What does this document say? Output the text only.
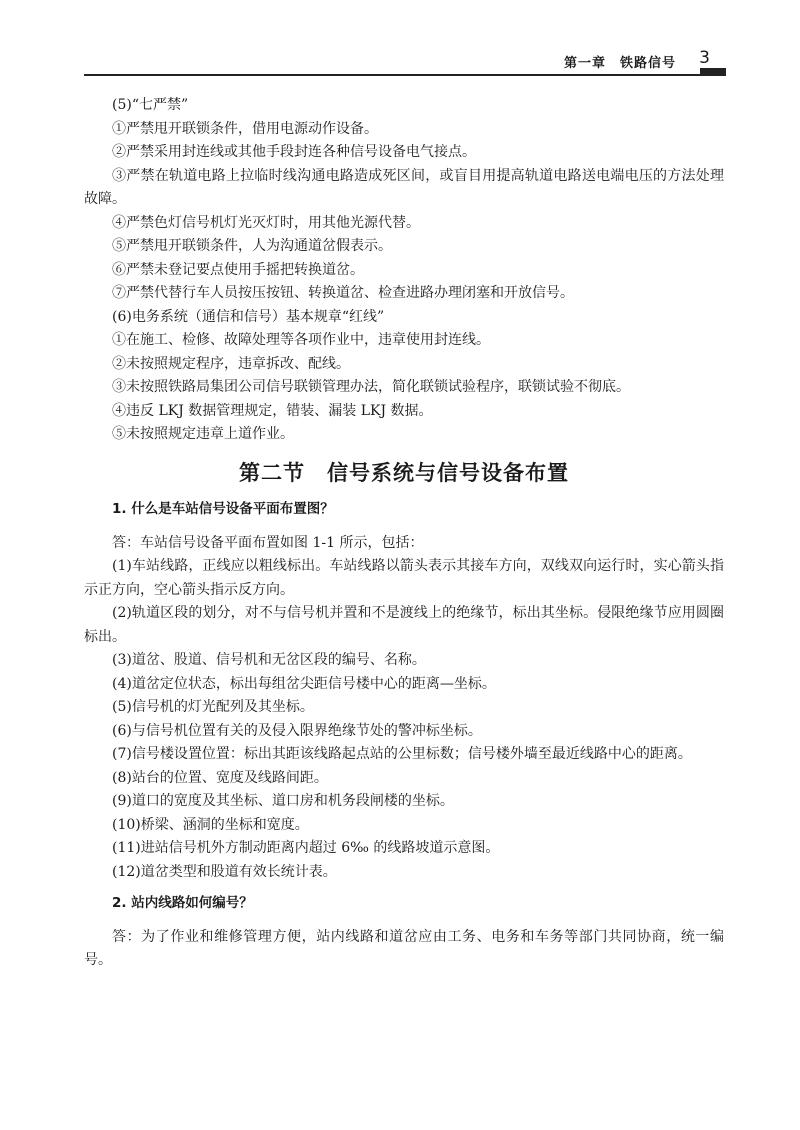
第一章　铁路信号 3

(5)“七严禁”

①严禁甩开联锁条件，借用电源动作设备。

②严禁采用封连线或其他手段封连各种信号设备电气接点。

③严禁在轨道电路上拉临时线沟通电路造成死区间，或盲目用提高轨道电路送电端电压的方法处理故障。

④严禁色灯信号机灯光灭灯时，用其他光源代替。

⑤严禁甩开联锁条件，人为沟通道岔假表示。

⑥严禁未登记要点使用手摇把转换道岔。

⑦严禁代替行车人员按压按钮、转换道岔、检查进路办理闭塞和开放信号。

(6)电务系统（通信和信号）基本规章“红线”

①在施工、检修、故障处理等各项作业中，违章使用封连线。

②未按照规定程序，违章拆改、配线。

③未按照铁路局集团公司信号联锁管理办法，简化联锁试验程序，联锁试验不彻底。

④违反 LKJ 数据管理规定，错装、漏装 LKJ 数据。

⑤未按照规定违章上道作业。

第二节　信号系统与信号设备布置

1. 什么是车站信号设备平面布置图？

答：车站信号设备平面布置如图 1-1 所示，包括：

(1)车站线路，正线应以粗线标出。车站线路以箭头表示其接车方向，双线双向运行时，实心箭头指示正方向，空心箭头指示反方向。

(2)轨道区段的划分，对不与信号机并置和不是渡线上的绝缘节，标出其坐标。侵限绝缘节应用圆圈标出。

(3)道岔、股道、信号机和无岔区段的编号、名称。

(4)道岔定位状态，标出每组岔尖距信号楼中心的距离—坐标。

(5)信号机的灯光配列及其坐标。

(6)与信号机位置有关的及侵入限界绝缘节处的警冲标坐标。

(7)信号楼设置位置：标出其距该线路起点站的公里标数；信号楼外墙至最近线路中心的距离。

(8)站台的位置、宽度及线路间距。

(9)道口的宽度及其坐标、道口房和机务段闸楼的坐标。

(10)桥梁、涵洞的坐标和宽度。

(11)进站信号机外方制动距离内超过 6‰ 的线路坡道示意图。

(12)道岔类型和股道有效长统计表。

2. 站内线路如何编号？

答：为了作业和维修管理方便，站内线路和道岔应由工务、电务和车务等部门共同协商，统一编号。
